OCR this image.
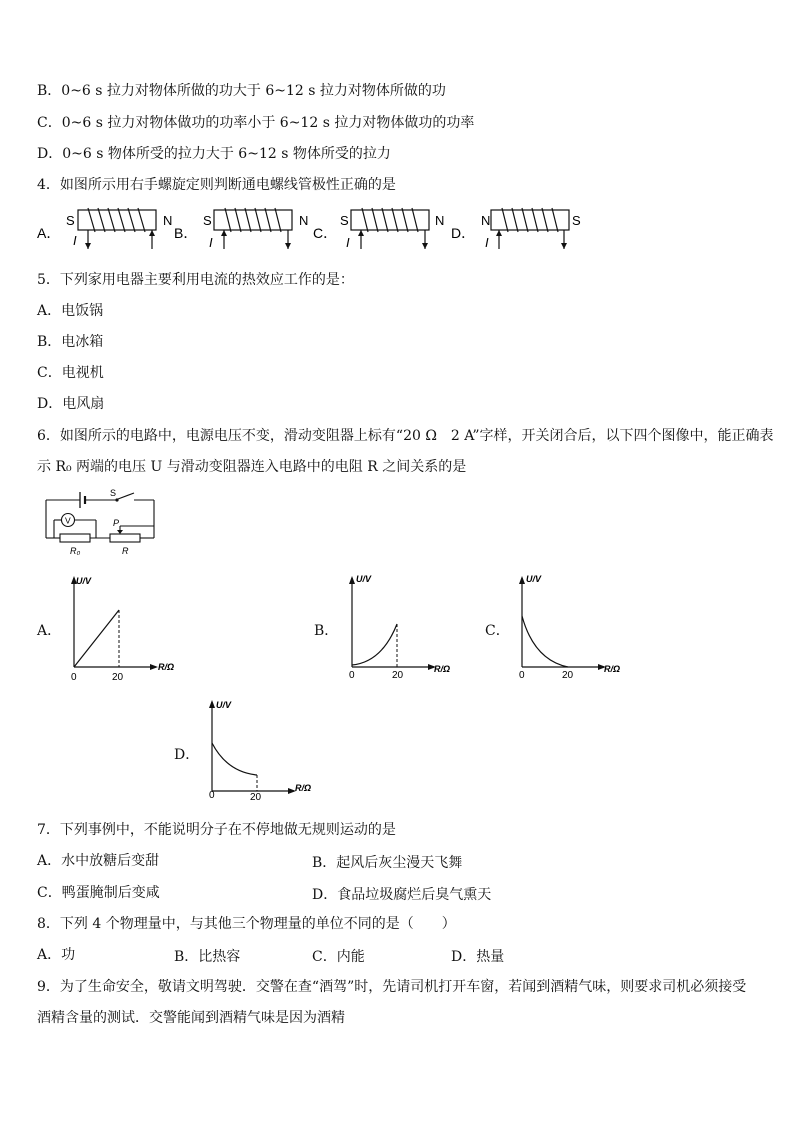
B．0~6 s 拉力对物体所做的功大于 6~12 s 拉力对物体所做的功
C．0~6 s 拉力对物体做功的功率小于 6~12 s 拉力对物体做功的功率
D．0~6 s 物体所受的拉力大于 6~12 s 物体所受的拉力
4．如图所示用右手螺旋定则判断通电螺线管极性正确的是
A．
S	N
I	B．
S	N
I
C．
S	N
I
D．
N	S
I
5．下列家用电器主要利用电流的热效应工作的是：
A．电饭锅
B．电冰箱
C．电视机
D．电风扇
6．如图所示的电路中，电源电压不变，滑动变阻器上标有“20 Ω　2 A”字样，开关闭合后，以下四个图像中，能正确表
示 R₀ 两端的电压 U 与滑动变阻器连入电路中的电阻 R 之间关系的是
S
V	P
R₀	R
A．
U/V
R/Ω
0	20
B．
U/V
R/Ω
0	20
C．
U/V
R/Ω
0	20
D．
U/V
R/Ω
0	20
7．下列事例中，不能说明分子在不停地做无规则运动的是
A．水中放糖后变甜	B．起风后灰尘漫天飞舞
C．鸭蛋腌制后变咸	D．食品垃圾腐烂后臭气熏天
8．下列 4 个物理量中，与其他三个物理量的单位不同的是（　　）
A．功	B．比热容	C．内能	D．热量
9．为了生命安全，敬请文明驾驶．交警在查“酒驾”时，先请司机打开车窗，若闻到酒精气味，则要求司机必须接受
酒精含量的测试．交警能闻到酒精气味是因为酒精
